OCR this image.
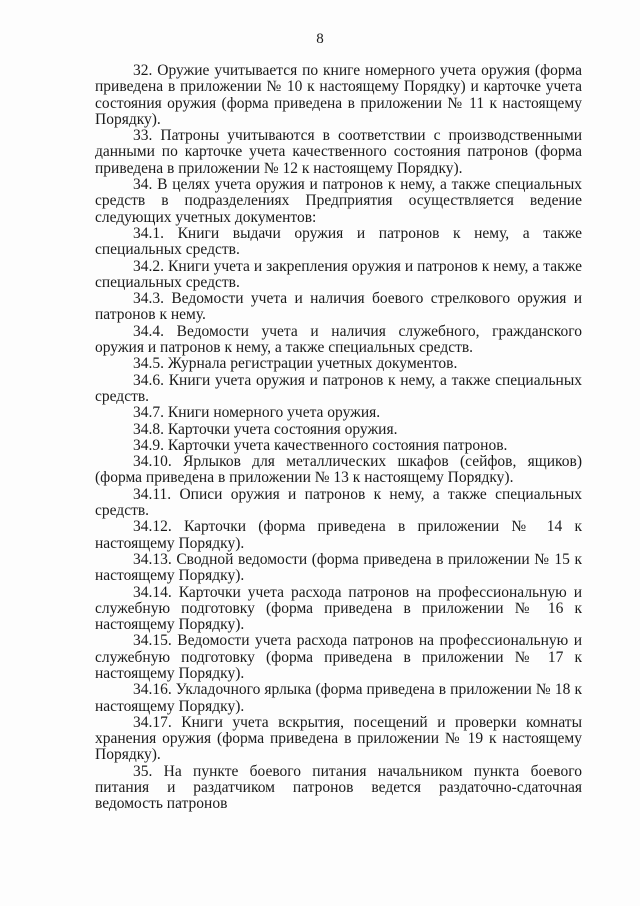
8

32. Оружие учитывается по книге номерного учета оружия (форма приведена в приложении № 10 к настоящему Порядку) и карточке учета состояния оружия (форма приведена в приложении № 11 к настоящему Порядку).

33. Патроны учитываются в соответствии с производственными данными по карточке учета качественного состояния патронов (форма приведена в приложении № 12 к настоящему Порядку).

34. В целях учета оружия и патронов к нему, а также специальных средств в подразделениях Предприятия осуществляется ведение следующих учетных документов:

34.1. Книги выдачи оружия и патронов к нему, а также специальных средств.

34.2. Книги учета и закрепления оружия и патронов к нему, а также специальных средств.

34.3. Ведомости учета и наличия боевого стрелкового оружия и патронов к нему.

34.4. Ведомости учета и наличия служебного, гражданского оружия и патронов к нему, а также специальных средств.

34.5. Журнала регистрации учетных документов.

34.6. Книги учета оружия и патронов к нему, а также специальных средств.

34.7. Книги номерного учета оружия.

34.8. Карточки учета состояния оружия.

34.9. Карточки учета качественного состояния патронов.

34.10. Ярлыков для металлических шкафов (сейфов, ящиков) (форма приведена в приложении № 13 к настоящему Порядку).

34.11. Описи оружия и патронов к нему, а также специальных средств.

34.12. Карточки (форма приведена в приложении № 14 к настоящему Порядку).

34.13. Сводной ведомости (форма приведена в приложении № 15 к настоящему Порядку).

34.14. Карточки учета расхода патронов на профессиональную и служебную подготовку (форма приведена в приложении № 16 к настоящему Порядку).

34.15. Ведомости учета расхода патронов на профессиональную и служебную подготовку (форма приведена в приложении № 17 к настоящему Порядку).

34.16. Укладочного ярлыка (форма приведена в приложении № 18 к настоящему Порядку).

34.17. Книги учета вскрытия, посещений и проверки комнаты хранения оружия (форма приведена в приложении № 19 к настоящему Порядку).

35. На пункте боевого питания начальником пункта боевого питания и раздатчиком патронов ведется раздаточно-сдаточная ведомость патронов
